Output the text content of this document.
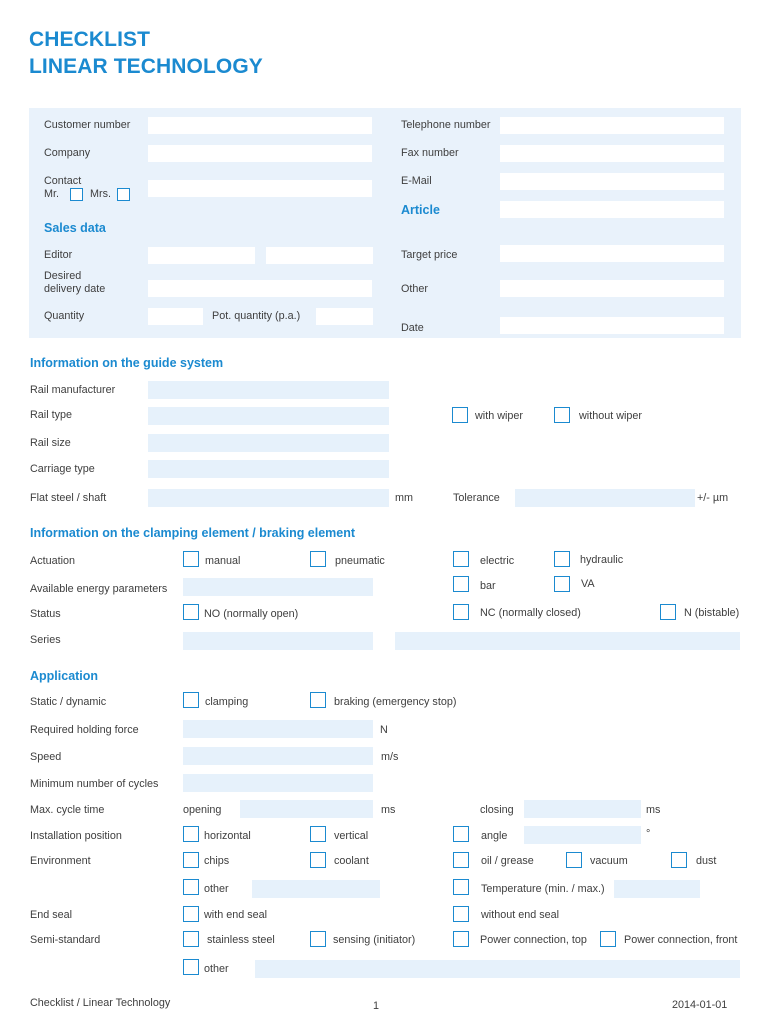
CHECKLIST
LINEAR TECHNOLOGY
Customer number	Telephone number
Company	Fax number
Contact
Mr.	Mrs.
E-Mail
Article
Sales data
Editor	Target price
Desired
delivery date	Other
Quantity	Pot. quantity (p.a.)
Date
Information on the guide system
Rail manufacturer
Rail type	with wiper	without wiper
Rail size
Carriage type
Flat steel / shaft	mm	Tolerance	+/- µm
Information on the clamping element / braking element
Actuation	manual	pneumatic	electric	hydraulic
Available energy parameters	bar	VA
Status	NO (normally open)	NC (normally closed)	N (bistable)
Series
Application
Static / dynamic	clamping	braking (emergency stop)
Required holding force	N
Speed	m/s
Minimum number of cycles
Max. cycle time	opening	ms	closing	ms
Installation position	horizontal	vertical	angle	°
Environment	chips	coolant	oil / grease	vacuum	dust
other	Temperature (min. / max.)
End seal	with end seal	without end seal
Semi-standard	stainless steel	sensing (initiator)	Power connection, top	Power connection, front
other
Checklist / Linear Technology	1	2014-01-01
